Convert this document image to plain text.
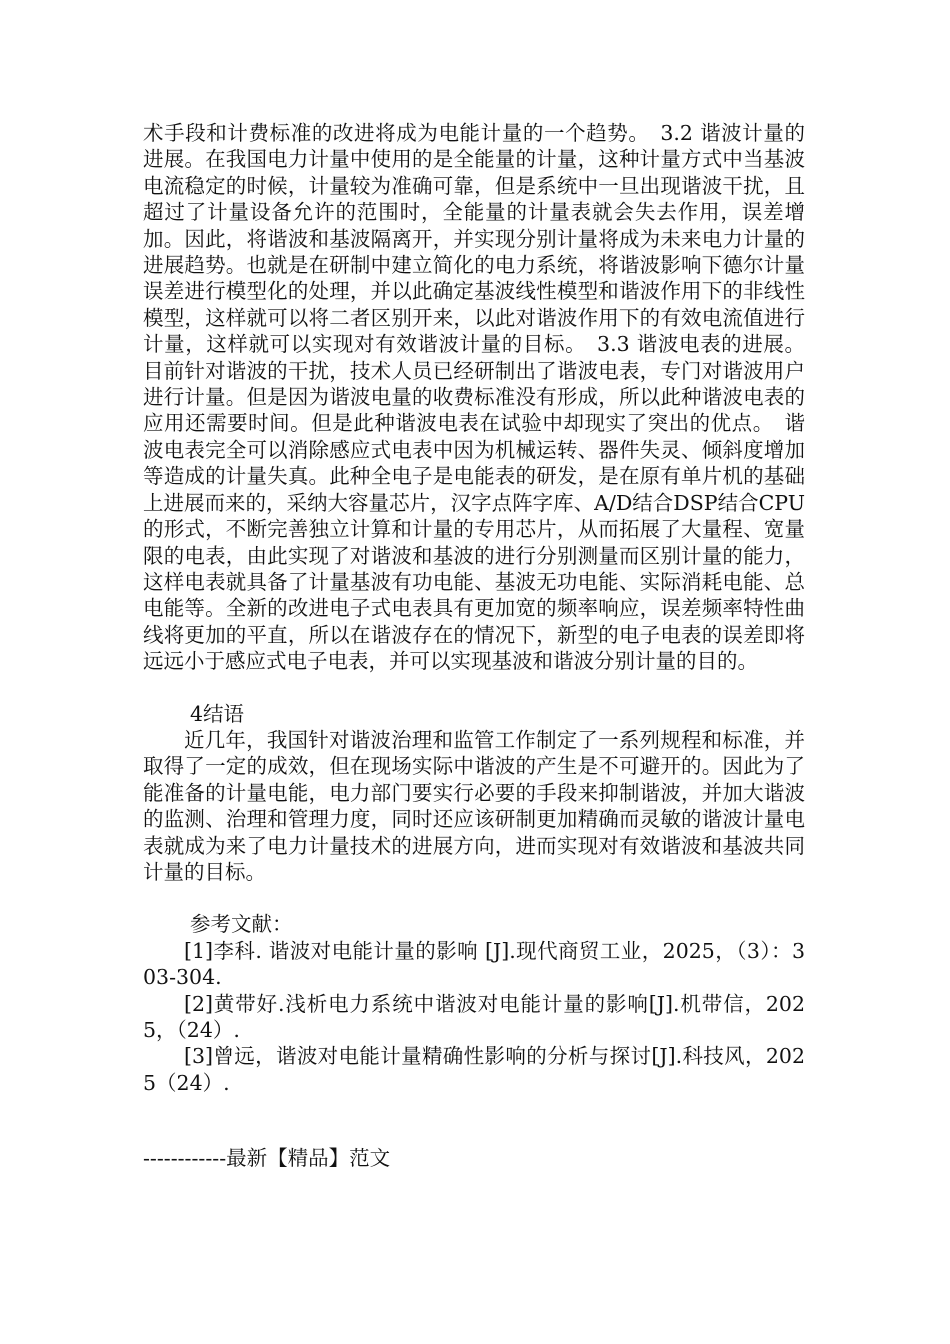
术手段和计费标准的改进将成为电能计量的一个趋势。　3.2 谐波计量的进展。在我国电力计量中使用的是全能量的计量，这种计量方式中当基波电流稳定的时候，计量较为准确可靠，但是系统中一旦出现谐波干扰，且超过了计量设备允许的范围时，全能量的计量表就会失去作用，误差增加。因此，将谐波和基波隔离开，并实现分别计量将成为未来电力计量的进展趋势。也就是在研制中建立简化的电力系统，将谐波影响下德尔计量误差进行模型化的处理，并以此确定基波线性模型和谐波作用下的非线性模型，这样就可以将二者区别开来，以此对谐波作用下的有效电流值进行计量，这样就可以实现对有效谐波计量的目标。　3.3 谐波电表的进展。目前针对谐波的干扰，技术人员已经研制出了谐波电表，专门对谐波用户进行计量。但是因为谐波电量的收费标准没有形成，所以此种谐波电表的应用还需要时间。但是此种谐波电表在试验中却现实了突出的优点。　谐波电表完全可以消除感应式电表中因为机械运转、器件失灵、倾斜度增加等造成的计量失真。此种全电子是电能表的研发，是在原有单片机的基础上进展而来的，采纳大容量芯片，汉字点阵字库、A/D结合DSP结合CPU的形式，不断完善独立计算和计量的专用芯片，从而拓展了大量程、宽量限的电表，由此实现了对谐波和基波的进行分别测量而区别计量的能力，这样电表就具备了计量基波有功电能、基波无功电能、实际消耗电能、总电能等。全新的改进电子式电表具有更加宽的频率响应，误差频率特性曲线将更加的平直，所以在谐波存在的情况下，新型的电子电表的误差即将远远小于感应式电子电表，并可以实现基波和谐波分别计量的目的。

4结语

近几年，我国针对谐波治理和监管工作制定了一系列规程和标准，并取得了一定的成效，但在现场实际中谐波的产生是不可避开的。因此为了能准备的计量电能，电力部门要实行必要的手段来抑制谐波，并加大谐波的监测、治理和管理力度，同时还应该研制更加精确而灵敏的谐波计量电表就成为来了电力计量技术的进展方向，进而实现对有效谐波和基波共同计量的目标。

参考文献：

[1]李科. 谐波对电能计量的影响 [J].现代商贸工业，2025，（3）：303-304.

[2]黄带好.浅析电力系统中谐波对电能计量的影响[J].机带信，2025，（24）.

[3]曾远，谐波对电能计量精确性影响的分析与探讨[J].科技风，2025（24）.

------------最新【精品】范文
